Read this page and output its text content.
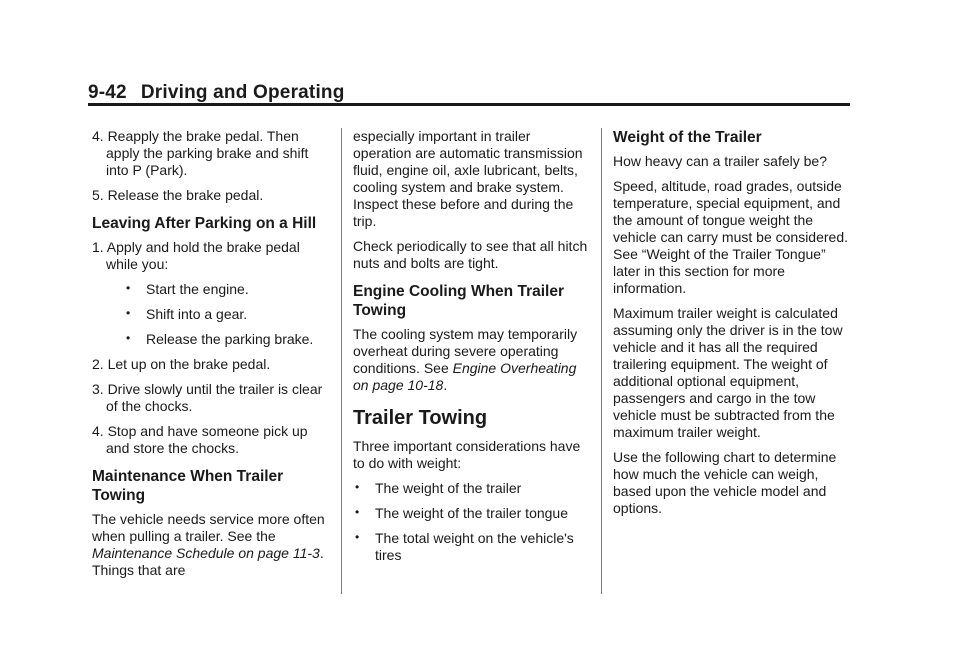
9-42 Driving and Operating

4. Reapply the brake pedal. Then apply the parking brake and shift into P (Park).

5. Release the brake pedal.

Leaving After Parking on a Hill

1. Apply and hold the brake pedal while you:

• Start the engine.

• Shift into a gear.

• Release the parking brake.

2. Let up on the brake pedal.

3. Drive slowly until the trailer is clear of the chocks.

4. Stop and have someone pick up and store the chocks.

Maintenance When Trailer Towing

The vehicle needs service more often when pulling a trailer. See the Maintenance Schedule on page 11-3. Things that are

especially important in trailer operation are automatic transmission fluid, engine oil, axle lubricant, belts, cooling system and brake system. Inspect these before and during the trip.

Check periodically to see that all hitch nuts and bolts are tight.

Engine Cooling When Trailer Towing

The cooling system may temporarily overheat during severe operating conditions. See Engine Overheating on page 10-18.

Trailer Towing

Three important considerations have to do with weight:

• The weight of the trailer

• The weight of the trailer tongue

• The total weight on the vehicle's tires

Weight of the Trailer

How heavy can a trailer safely be?

Speed, altitude, road grades, outside temperature, special equipment, and the amount of tongue weight the vehicle can carry must be considered. See “Weight of the Trailer Tongue” later in this section for more information.

Maximum trailer weight is calculated assuming only the driver is in the tow vehicle and it has all the required trailering equipment. The weight of additional optional equipment, passengers and cargo in the tow vehicle must be subtracted from the maximum trailer weight.

Use the following chart to determine how much the vehicle can weigh, based upon the vehicle model and options.
